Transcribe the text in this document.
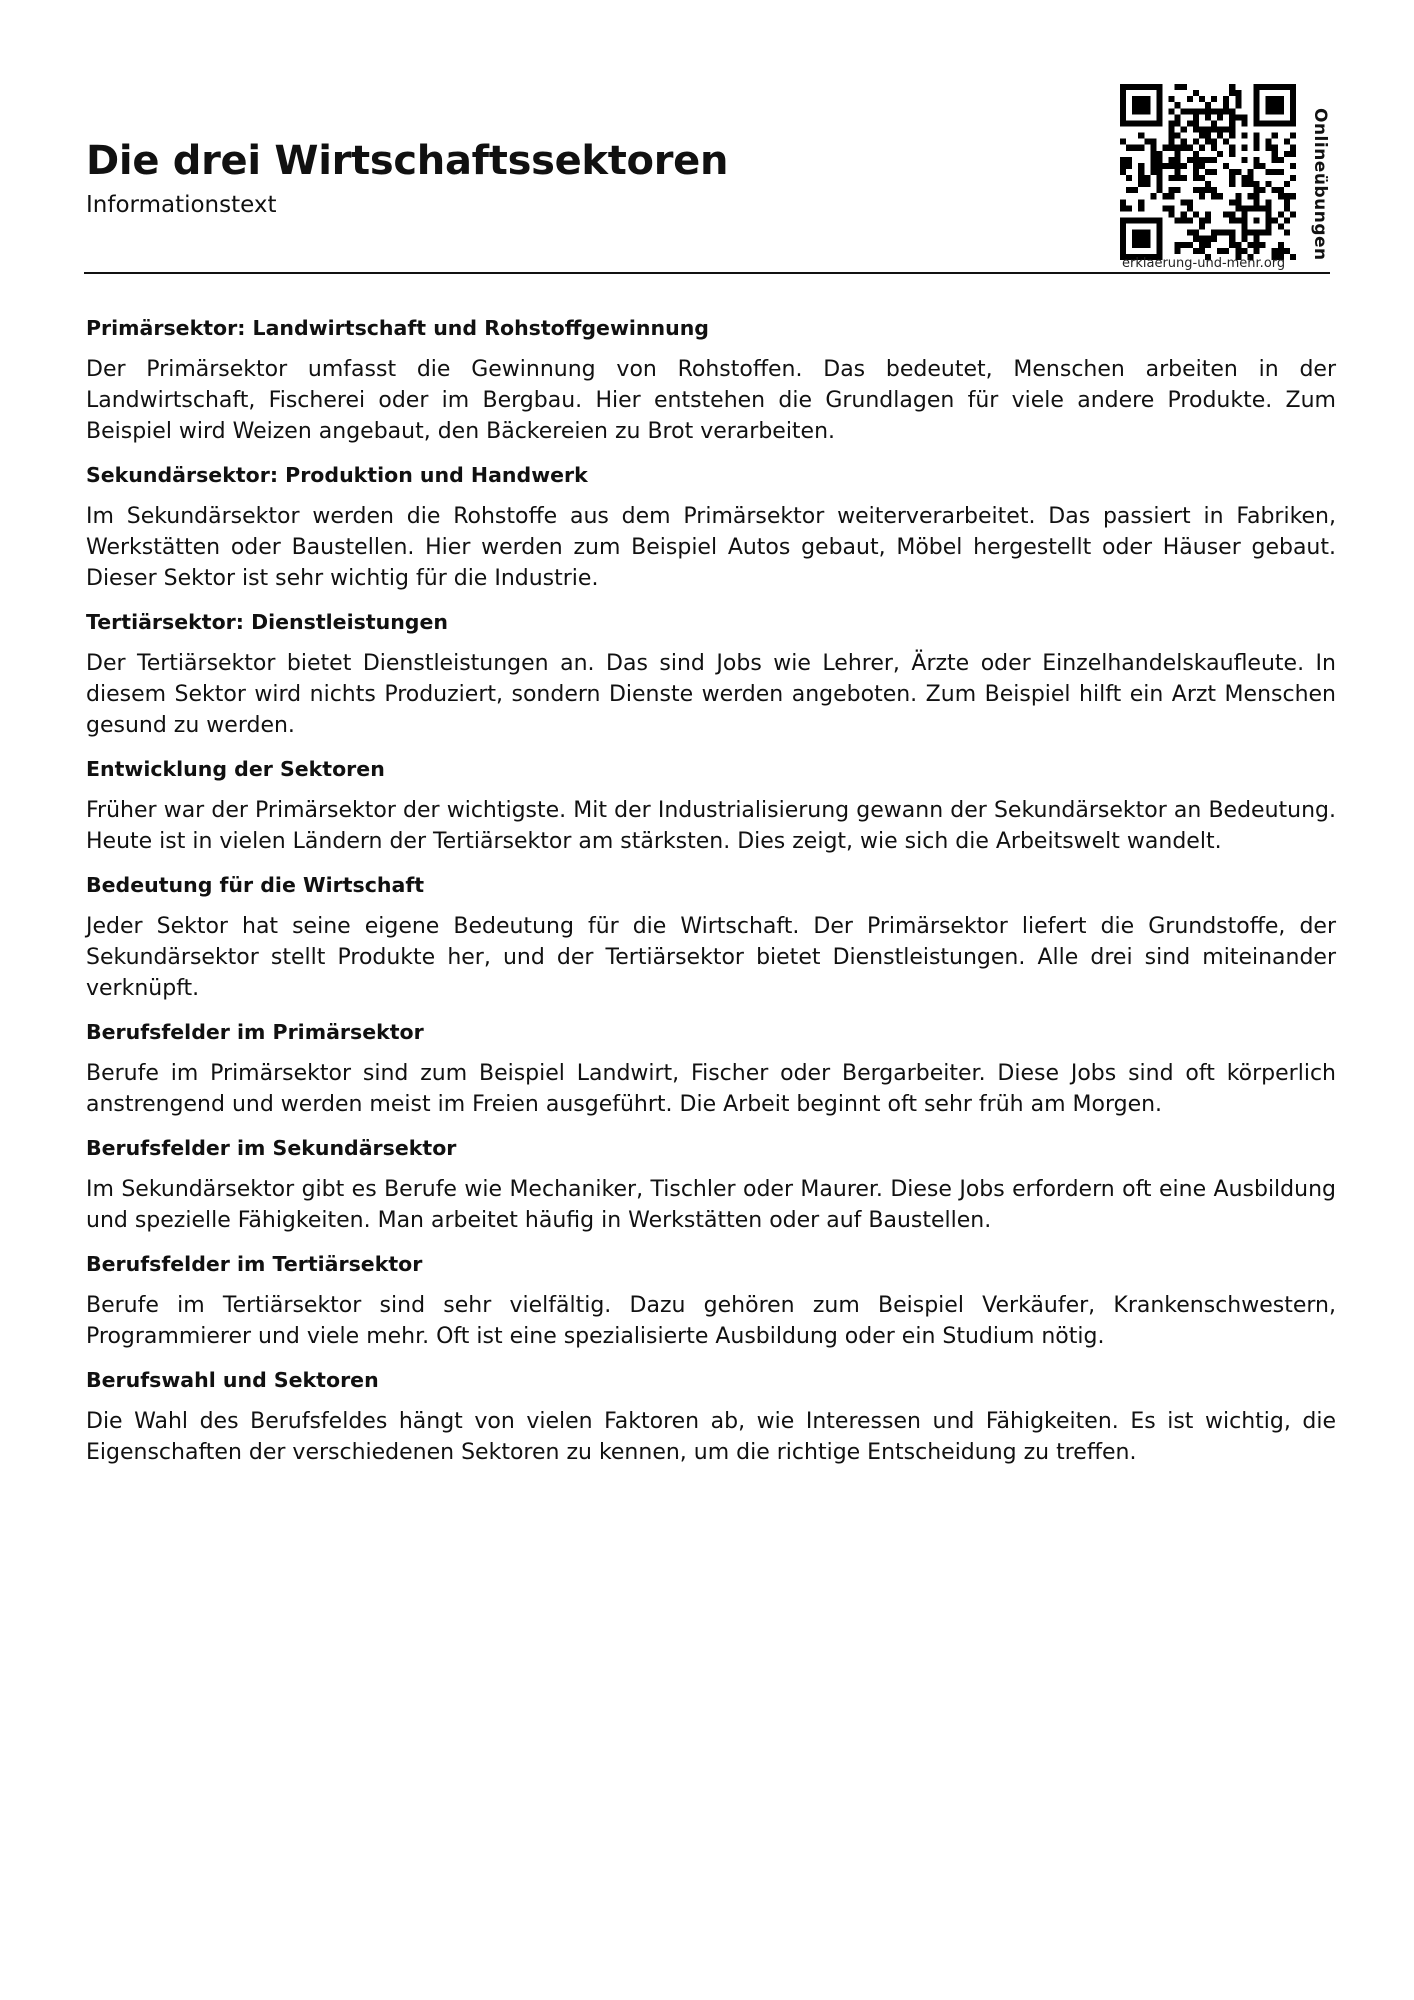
Die drei Wirtschaftssektoren
Informationstext
erklaerung-und-mehr.org
Onlineübungen
Primärsektor: Landwirtschaft und Rohstoffgewinnung

Der Primärsektor umfasst die Gewinnung von Rohstoffen. Das bedeutet, Menschen arbeiten in der Landwirtschaft, Fischerei oder im Bergbau. Hier entstehen die Grundlagen für viele andere Produkte. Zum Beispiel wird Weizen angebaut, den Bäckereien zu Brot verarbeiten.

Sekundärsektor: Produktion und Handwerk

Im Sekundärsektor werden die Rohstoffe aus dem Primärsektor weiterverarbeitet. Das passiert in Fabriken, Werkstätten oder Baustellen. Hier werden zum Beispiel Autos gebaut, Möbel hergestellt oder Häuser gebaut. Dieser Sektor ist sehr wichtig für die Industrie.

Tertiärsektor: Dienstleistungen

Der Tertiärsektor bietet Dienstleistungen an. Das sind Jobs wie Lehrer, Ärzte oder Einzelhandelskaufleute. In diesem Sektor wird nichts Produziert, sondern Dienste werden angeboten. Zum Beispiel hilft ein Arzt Menschen gesund zu werden.

Entwicklung der Sektoren

Früher war der Primärsektor der wichtigste. Mit der Industrialisierung gewann der Sekundärsektor an Bedeutung. Heute ist in vielen Ländern der Tertiärsektor am stärksten. Dies zeigt, wie sich die Arbeitswelt wandelt.

Bedeutung für die Wirtschaft

Jeder Sektor hat seine eigene Bedeutung für die Wirtschaft. Der Primärsektor liefert die Grundstoffe, der Sekundärsektor stellt Produkte her, und der Tertiärsektor bietet Dienstleistungen. Alle drei sind miteinander verknüpft.

Berufsfelder im Primärsektor

Berufe im Primärsektor sind zum Beispiel Landwirt, Fischer oder Bergarbeiter. Diese Jobs sind oft körperlich anstrengend und werden meist im Freien ausgeführt. Die Arbeit beginnt oft sehr früh am Morgen.

Berufsfelder im Sekundärsektor

Im Sekundärsektor gibt es Berufe wie Mechaniker, Tischler oder Maurer. Diese Jobs erfordern oft eine Ausbildung und spezielle Fähigkeiten. Man arbeitet häufig in Werkstätten oder auf Baustellen.

Berufsfelder im Tertiärsektor

Berufe im Tertiärsektor sind sehr vielfältig. Dazu gehören zum Beispiel Verkäufer, Krankenschwestern, Programmierer und viele mehr. Oft ist eine spezialisierte Ausbildung oder ein Studium nötig.

Berufswahl und Sektoren

Die Wahl des Berufsfeldes hängt von vielen Faktoren ab, wie Interessen und Fähigkeiten. Es ist wichtig, die Eigenschaften der verschiedenen Sektoren zu kennen, um die richtige Entscheidung zu treffen.
